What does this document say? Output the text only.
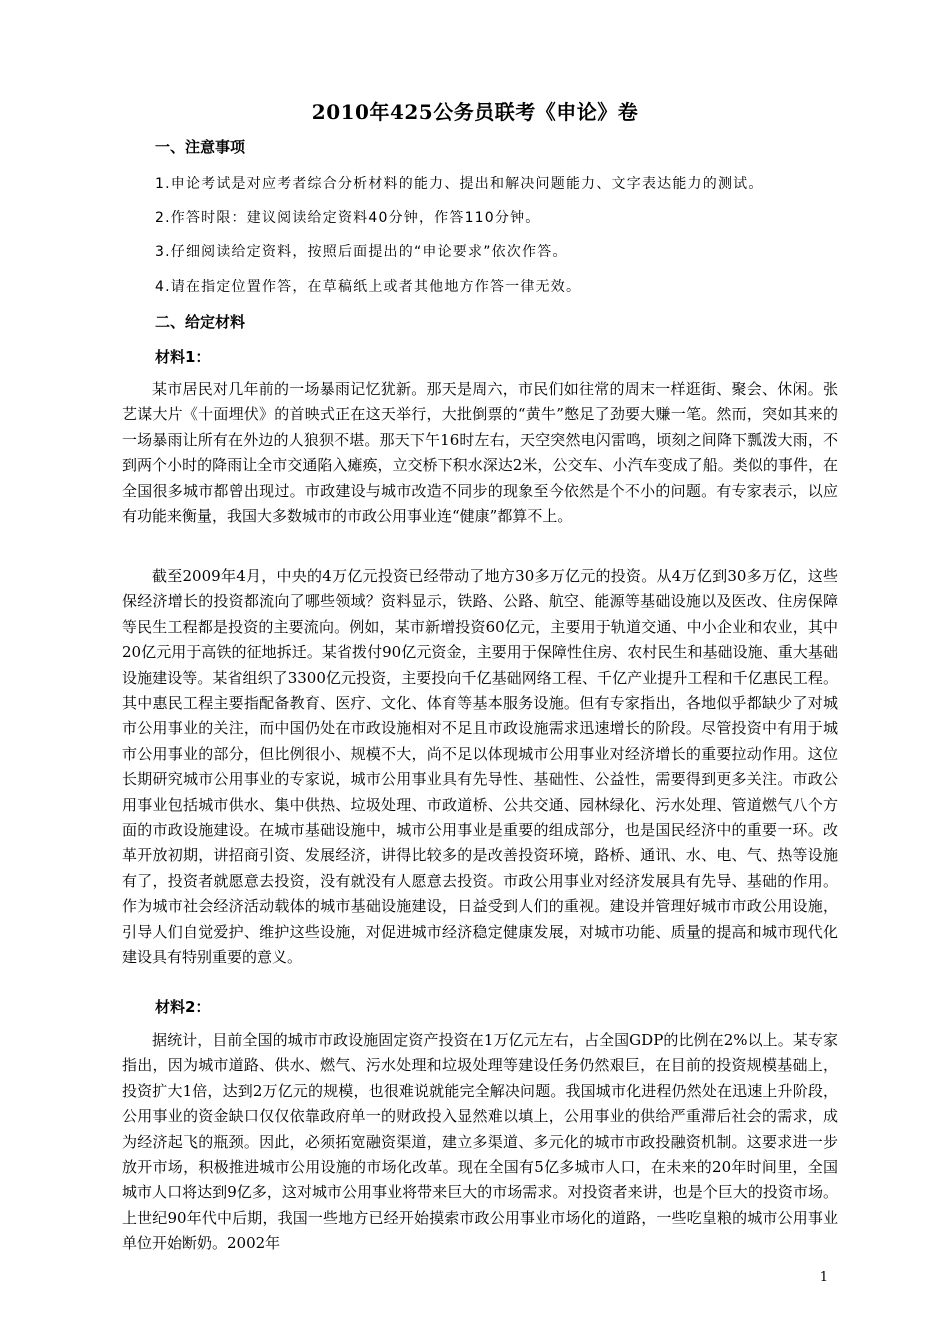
2010年425公务员联考《申论》卷
一、注意事项
1.申论考试是对应考者综合分析材料的能力、提出和解决问题能力、文字表达能力的测试。
2.作答时限：建议阅读给定资料40分钟，作答110分钟。
3.仔细阅读给定资料，按照后面提出的“申论要求”依次作答。
4.请在指定位置作答，在草稿纸上或者其他地方作答一律无效。
二、给定材料
材料1：

某市居民对几年前的一场暴雨记忆犹新。那天是周六，市民们如往常的周末一样逛街、聚会、休闲。张艺谋大片《十面埋伏》的首映式正在这天举行，大批倒票的“黄牛”憋足了劲要大赚一笔。然而，突如其来的一场暴雨让所有在外边的人狼狈不堪。那天下午16时左右，天空突然电闪雷鸣，顷刻之间降下瓢泼大雨，不到两个小时的降雨让全市交通陷入瘫痪，立交桥下积水深达2米，公交车、小汽车变成了船。类似的事件，在全国很多城市都曾出现过。市政建设与城市改造不同步的现象至今依然是个不小的问题。有专家表示，以应有功能来衡量，我国大多数城市的市政公用事业连“健康”都算不上。

截至2009年4月，中央的4万亿元投资已经带动了地方30多万亿元的投资。从4万亿到30多万亿，这些保经济增长的投资都流向了哪些领域？资料显示，铁路、公路、航空、能源等基础设施以及医改、住房保障等民生工程都是投资的主要流向。例如，某市新增投资60亿元，主要用于轨道交通、中小企业和农业，其中20亿元用于高铁的征地拆迁。某省拨付90亿元资金，主要用于保障性住房、农村民生和基础设施、重大基础设施建设等。某省组织了3300亿元投资，主要投向千亿基础网络工程、千亿产业提升工程和千亿惠民工程。其中惠民工程主要指配备教育、医疗、文化、体育等基本服务设施。但有专家指出，各地似乎都缺少了对城市公用事业的关注，而中国仍处在市政设施相对不足且市政设施需求迅速增长的阶段。尽管投资中有用于城市公用事业的部分，但比例很小、规模不大，尚不足以体现城市公用事业对经济增长的重要拉动作用。这位长期研究城市公用事业的专家说，城市公用事业具有先导性、基础性、公益性，需要得到更多关注。市政公用事业包括城市供水、集中供热、垃圾处理、市政道桥、公共交通、园林绿化、污水处理、管道燃气八个方面的市政设施建设。在城市基础设施中，城市公用事业是重要的组成部分，也是国民经济中的重要一环。改革开放初期，讲招商引资、发展经济，讲得比较多的是改善投资环境，路桥、通讯、水、电、气、热等设施有了，投资者就愿意去投资，没有就没有人愿意去投资。市政公用事业对经济发展具有先导、基础的作用。作为城市社会经济活动载体的城市基础设施建设，日益受到人们的重视。建设并管理好城市市政公用设施，引导人们自觉爱护、维护这些设施，对促进城市经济稳定健康发展，对城市功能、质量的提高和城市现代化建设具有特别重要的意义。

材料2：

据统计，目前全国的城市市政设施固定资产投资在1万亿元左右，占全国GDP的比例在2%以上。某专家指出，因为城市道路、供水、燃气、污水处理和垃圾处理等建设任务仍然艰巨，在目前的投资规模基础上，投资扩大1倍，达到2万亿元的规模，也很难说就能完全解决问题。我国城市化进程仍然处在迅速上升阶段，公用事业的资金缺口仅仅依靠政府单一的财政投入显然难以填上，公用事业的供给严重滞后社会的需求，成为经济起飞的瓶颈。因此，必须拓宽融资渠道，建立多渠道、多元化的城市市政投融资机制。这要求进一步放开市场，积极推进城市公用设施的市场化改革。现在全国有5亿多城市人口，在未来的20年时间里，全国城市人口将达到9亿多，这对城市公用事业将带来巨大的市场需求。对投资者来讲，也是个巨大的投资市场。上世纪90年代中后期，我国一些地方已经开始摸索市政公用事业市场化的道路，一些吃皇粮的城市公用事业单位开始断奶。2002年

1
